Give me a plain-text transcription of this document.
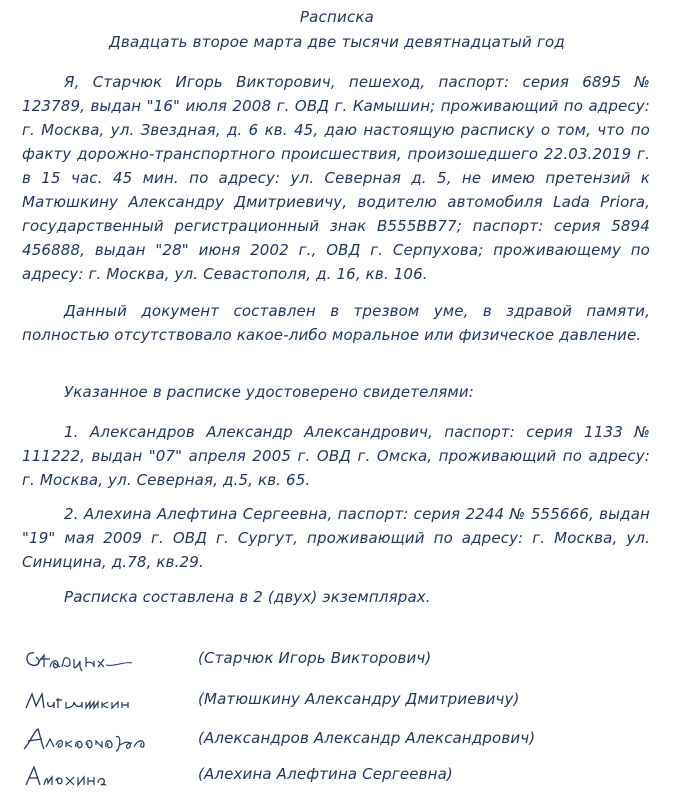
Расписка
Двадцать второе марта две тысячи девятнадцатый год
Я, Старчюк Игорь Викторович, пешеход, паспорт: серия 6895 № 123789, выдан "16" июля 2008 г. ОВД г. Камышин; проживающий по адресу: г. Москва, ул. Звездная, д. 6 кв. 45, даю настоящую расписку о том, что по факту дорожно-транспортного происшествия, произошедшего 22.03.2019 г. в 15 час. 45 мин. по адресу: ул. Северная д. 5, не имею претензий к Матюшкину Александру Дмитриевичу, водителю автомобиля Lada Priora, государственный регистрационный знак В555ВВ77; паспорт: серия 5894 456888, выдан "28" июня 2002 г., ОВД г. Серпухова; проживающему по адресу: г. Москва, ул. Севастополя, д. 16, кв. 106.
Данный документ составлен в трезвом уме, в здравой памяти, полностью отсутствовало какое-либо моральное или физическое давление.
Указанное в расписке удостоверено свидетелями:
1. Александров Александр Александрович, паспорт: серия 1133 № 111222, выдан "07" апреля 2005 г. ОВД г. Омска, проживающий по адресу: г. Москва, ул. Северная, д.5, кв. 65.
2. Алехина Алефтина Сергеевна, паспорт: серия 2244 № 555666, выдан "19" мая 2009 г. ОВД г. Сургут, проживающий по адресу: г. Москва, ул. Синицина, д.78, кв.29.
Расписка составлена в 2 (двух) экземплярах.
(Старчюк Игорь Викторович)
(Матюшкину Александру Дмитриевичу)
(Александров Александр Александрович)
(Алехина Алефтина Сергеевна)
